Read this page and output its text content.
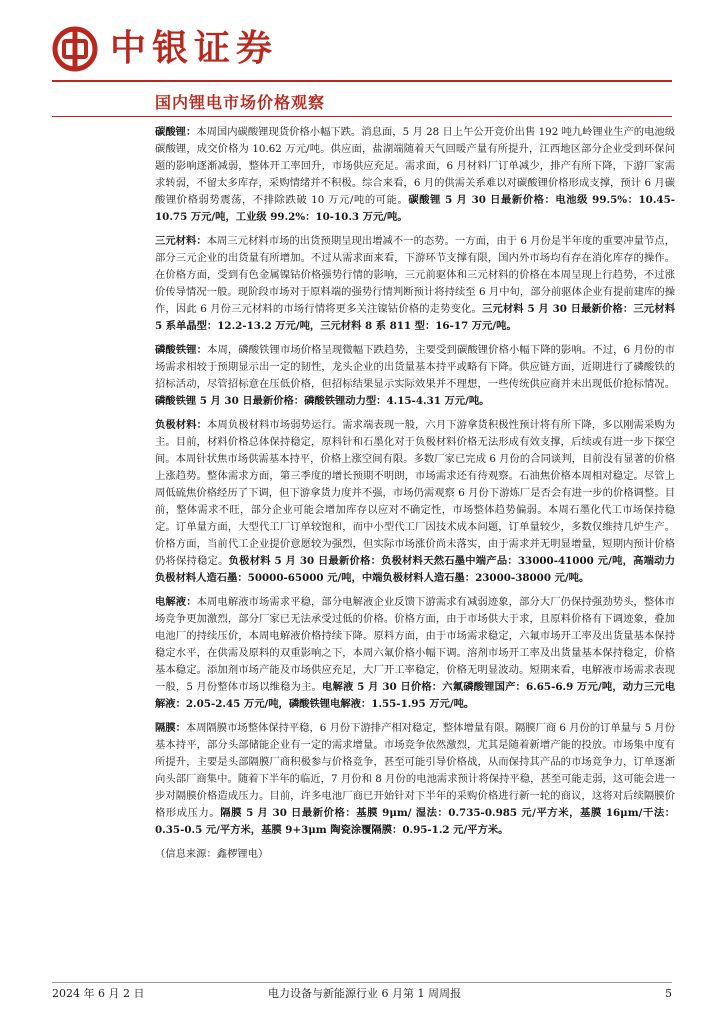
中银证券
国内锂电市场价格观察

碳酸锂：本周国内碳酸锂现货价格小幅下跌。消息面，5 月 28 日上午公开竞价出售 192 吨九岭锂业生产的电池级碳酸锂，成交价格为 10.62 万元/吨。供应面，盐湖端随着天气回暖产量有所提升，江西地区部分企业受到环保问题的影响逐渐减弱，整体开工率回升，市场供应充足。需求面，6 月材料厂订单减少，排产有所下降，下游厂家需求转弱，不留太多库存，采购情绪并不积极。综合来看，6 月的供需关系难以对碳酸锂价格形成支撑，预计 6 月碳酸锂价格弱势震荡，不排除跌破 10 万元/吨的可能。碳酸锂 5 月 30 日最新价格：电池级 99.5%：10.45-10.75 万元/吨，工业级 99.2%：10-10.3 万元/吨。

三元材料：本周三元材料市场的出货预期呈现出增减不一的态势。一方面，由于 6 月份是半年度的重要冲量节点，部分三元企业的出货量有所增加。不过从需求面来看，下游环节支撑有限，国内外市场均有存在消化库存的操作。在价格方面，受到有色金属镍钴价格强势行情的影响，三元前驱体和三元材料的价格在本周呈现上行趋势，不过涨价传导情况一般。现阶段市场对于原料端的强势行情判断预计将持续至 6 月中旬，部分前驱体企业有提前建库的操作，因此 6 月份三元材料的市场行情将更多关注镍钴价格的走势变化。三元材料 5 月 30 日最新价格：三元材料 5 系单晶型：12.2-13.2 万元/吨，三元材料 8 系 811 型：16-17 万元/吨。

磷酸铁锂：本周，磷酸铁锂市场价格呈现微幅下跌趋势，主要受到碳酸锂价格小幅下降的影响。不过，6 月份的市场需求相较于预期显示出一定的韧性，龙头企业的出货量基本持平或略有下降。供应链方面，近期进行了磷酸铁的招标活动，尽管招标意在压低价格，但招标结果显示实际效果并不理想，一些传统供应商并未出现低价抢标情况。磷酸铁锂 5 月 30 日最新价格：磷酸铁锂动力型：4.15-4.31 万元/吨。

负极材料：本周负极材料市场弱势运行。需求端表现一般，六月下游拿货积极性预计将有所下降，多以刚需采购为主。目前，材料价格总体保持稳定，原料针和石墨化对于负极材料价格无法形成有效支撑，后续或有进一步下探空间。本周针状焦市场供需基本持平，价格上涨空间有限。多数厂家已完成 6 月份的合同谈判，目前没有显著的价格上涨趋势。整体需求方面，第三季度的增长预期不明朗，市场需求还有待观察。石油焦价格本周相对稳定。尽管上周低硫焦价格经历了下调，但下游拿货力度并不强，市场仍需观察 6 月份下游炼厂是否会有进一步的价格调整。目前，整体需求不旺，部分企业可能会增加库存以应对不确定性，市场整体趋势偏弱。本周石墨化代工市场保持稳定。订单量方面，大型代工厂订单较饱和，而中小型代工厂因技术成本问题，订单量较少，多数仅维持几炉生产。价格方面，当前代工企业提价意愿较为强烈，但实际市场涨价尚未落实，由于需求并无明显增量，短期内预计价格仍将保持稳定。负极材料 5 月 30 日最新价格：负极材料天然石墨中端产品：33000-41000 元/吨，高端动力负极材料人造石墨：50000-65000 元/吨，中端负极材料人造石墨：23000-38000 元/吨。

电解液：本周电解液市场需求平稳，部分电解液企业反馈下游需求有减弱迹象，部分大厂仍保持强劲势头，整体市场竞争更加激烈，部分厂家已无法承受过低的价格。价格方面，由于市场供大于求，且原料价格有下调迹象，叠加电池厂的持续压价，本周电解液价格持续下降。原料方面，由于市场需求稳定，六氟市场开工率及出货量基本保持稳定水平，在供需及原料的双重影响之下，本周六氟价格小幅下调。溶剂市场开工率及出货量基本保持稳定，价格基本稳定。添加剂市场产能及市场供应充足，大厂开工率稳定，价格无明显波动。短期来看，电解液市场需求表现一般，5 月份整体市场以维稳为主。电解液 5 月 30 日价格：六氟磷酸锂国产：6.65-6.9 万元/吨，动力三元电解液：2.05-2.45 万元/吨，磷酸铁锂电解液：1.55-1.95 万元/吨。

隔膜：本周隔膜市场整体保持平稳，6 月份下游排产相对稳定，整体增量有限。隔膜厂商 6 月份的订单量与 5 月份基本持平，部分头部储能企业有一定的需求增量。市场竞争依然激烈，尤其是随着新增产能的投放。市场集中度有所提升，主要是头部隔膜厂商积极参与价格竞争，甚至可能引导价格战，从而保持其产品的市场竞争力，订单逐渐向头部厂商集中。随着下半年的临近，7 月份和 8 月份的电池需求预计将保持平稳，甚至可能走弱，这可能会进一步对隔膜价格造成压力。目前，许多电池厂商已开始针对下半年的采购价格进行新一轮的商议，这将对后续隔膜价格形成压力。隔膜 5 月 30 日最新价格：基膜 9μm/ 湿法：0.735-0.985 元/平方米，基膜 16μm/干法：0.35-0.5 元/平方米，基膜 9+3μm 陶瓷涂覆隔膜：0.95-1.2 元/平方米。

（信息来源：鑫椤锂电）

2024 年 6 月 2 日	电力设备与新能源行业 6 月第 1 周周报	5
